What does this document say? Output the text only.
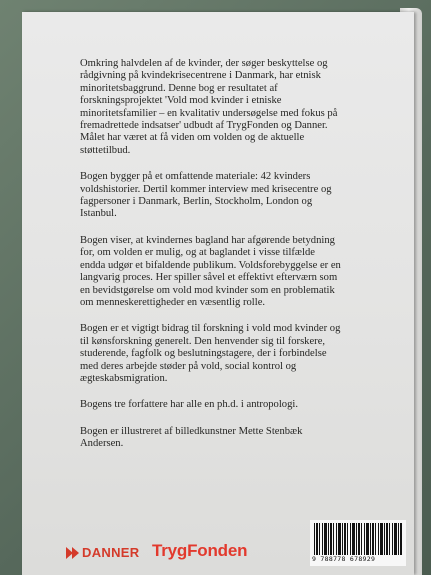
Omkring halvdelen af de kvinder, der søger beskyttelse og rådgivning på kvindekrisecentrene i Danmark, har etnisk minoritetsbaggrund. Denne bog er resultatet af forskningsprojektet 'Vold mod kvinder i etniske minoritetsfamilier – en kvalitativ undersøgelse med fokus på fremadrettede indsatser' udbudt af TrygFonden og Danner. Målet har været at få viden om volden og de aktuelle støttetilbud.

Bogen bygger på et omfattende materiale: 42 kvinders voldshistorier. Dertil kommer interview med krisecentre og fagpersoner i Danmark, Berlin, Stockholm, London og Istanbul.

Bogen viser, at kvindernes bagland har afgørende betydning for, om volden er mulig, og at baglandet i visse tilfælde endda udgør et bifaldende publikum. Voldsforebyggelse er en langvarig proces. Her spiller såvel et effektivt efterværn som en bevidstgørelse om vold mod kvinder som en problematik om menneskerettigheder en væsentlig rolle.

Bogen er et vigtigt bidrag til forskning i vold mod kvinder og til kønsforskning generelt. Den henvender sig til forskere, studerende, fagfolk og beslutningstagere, der i forbindelse med deres arbejde støder på vold, social kontrol og ægteskabsmigration.

Bogens tre forfattere har alle en ph.d. i antropologi.

Bogen er illustreret af billedkunstner Mette Stenbæk Andersen.

DANNER TrygFonden	9 788778 678929
